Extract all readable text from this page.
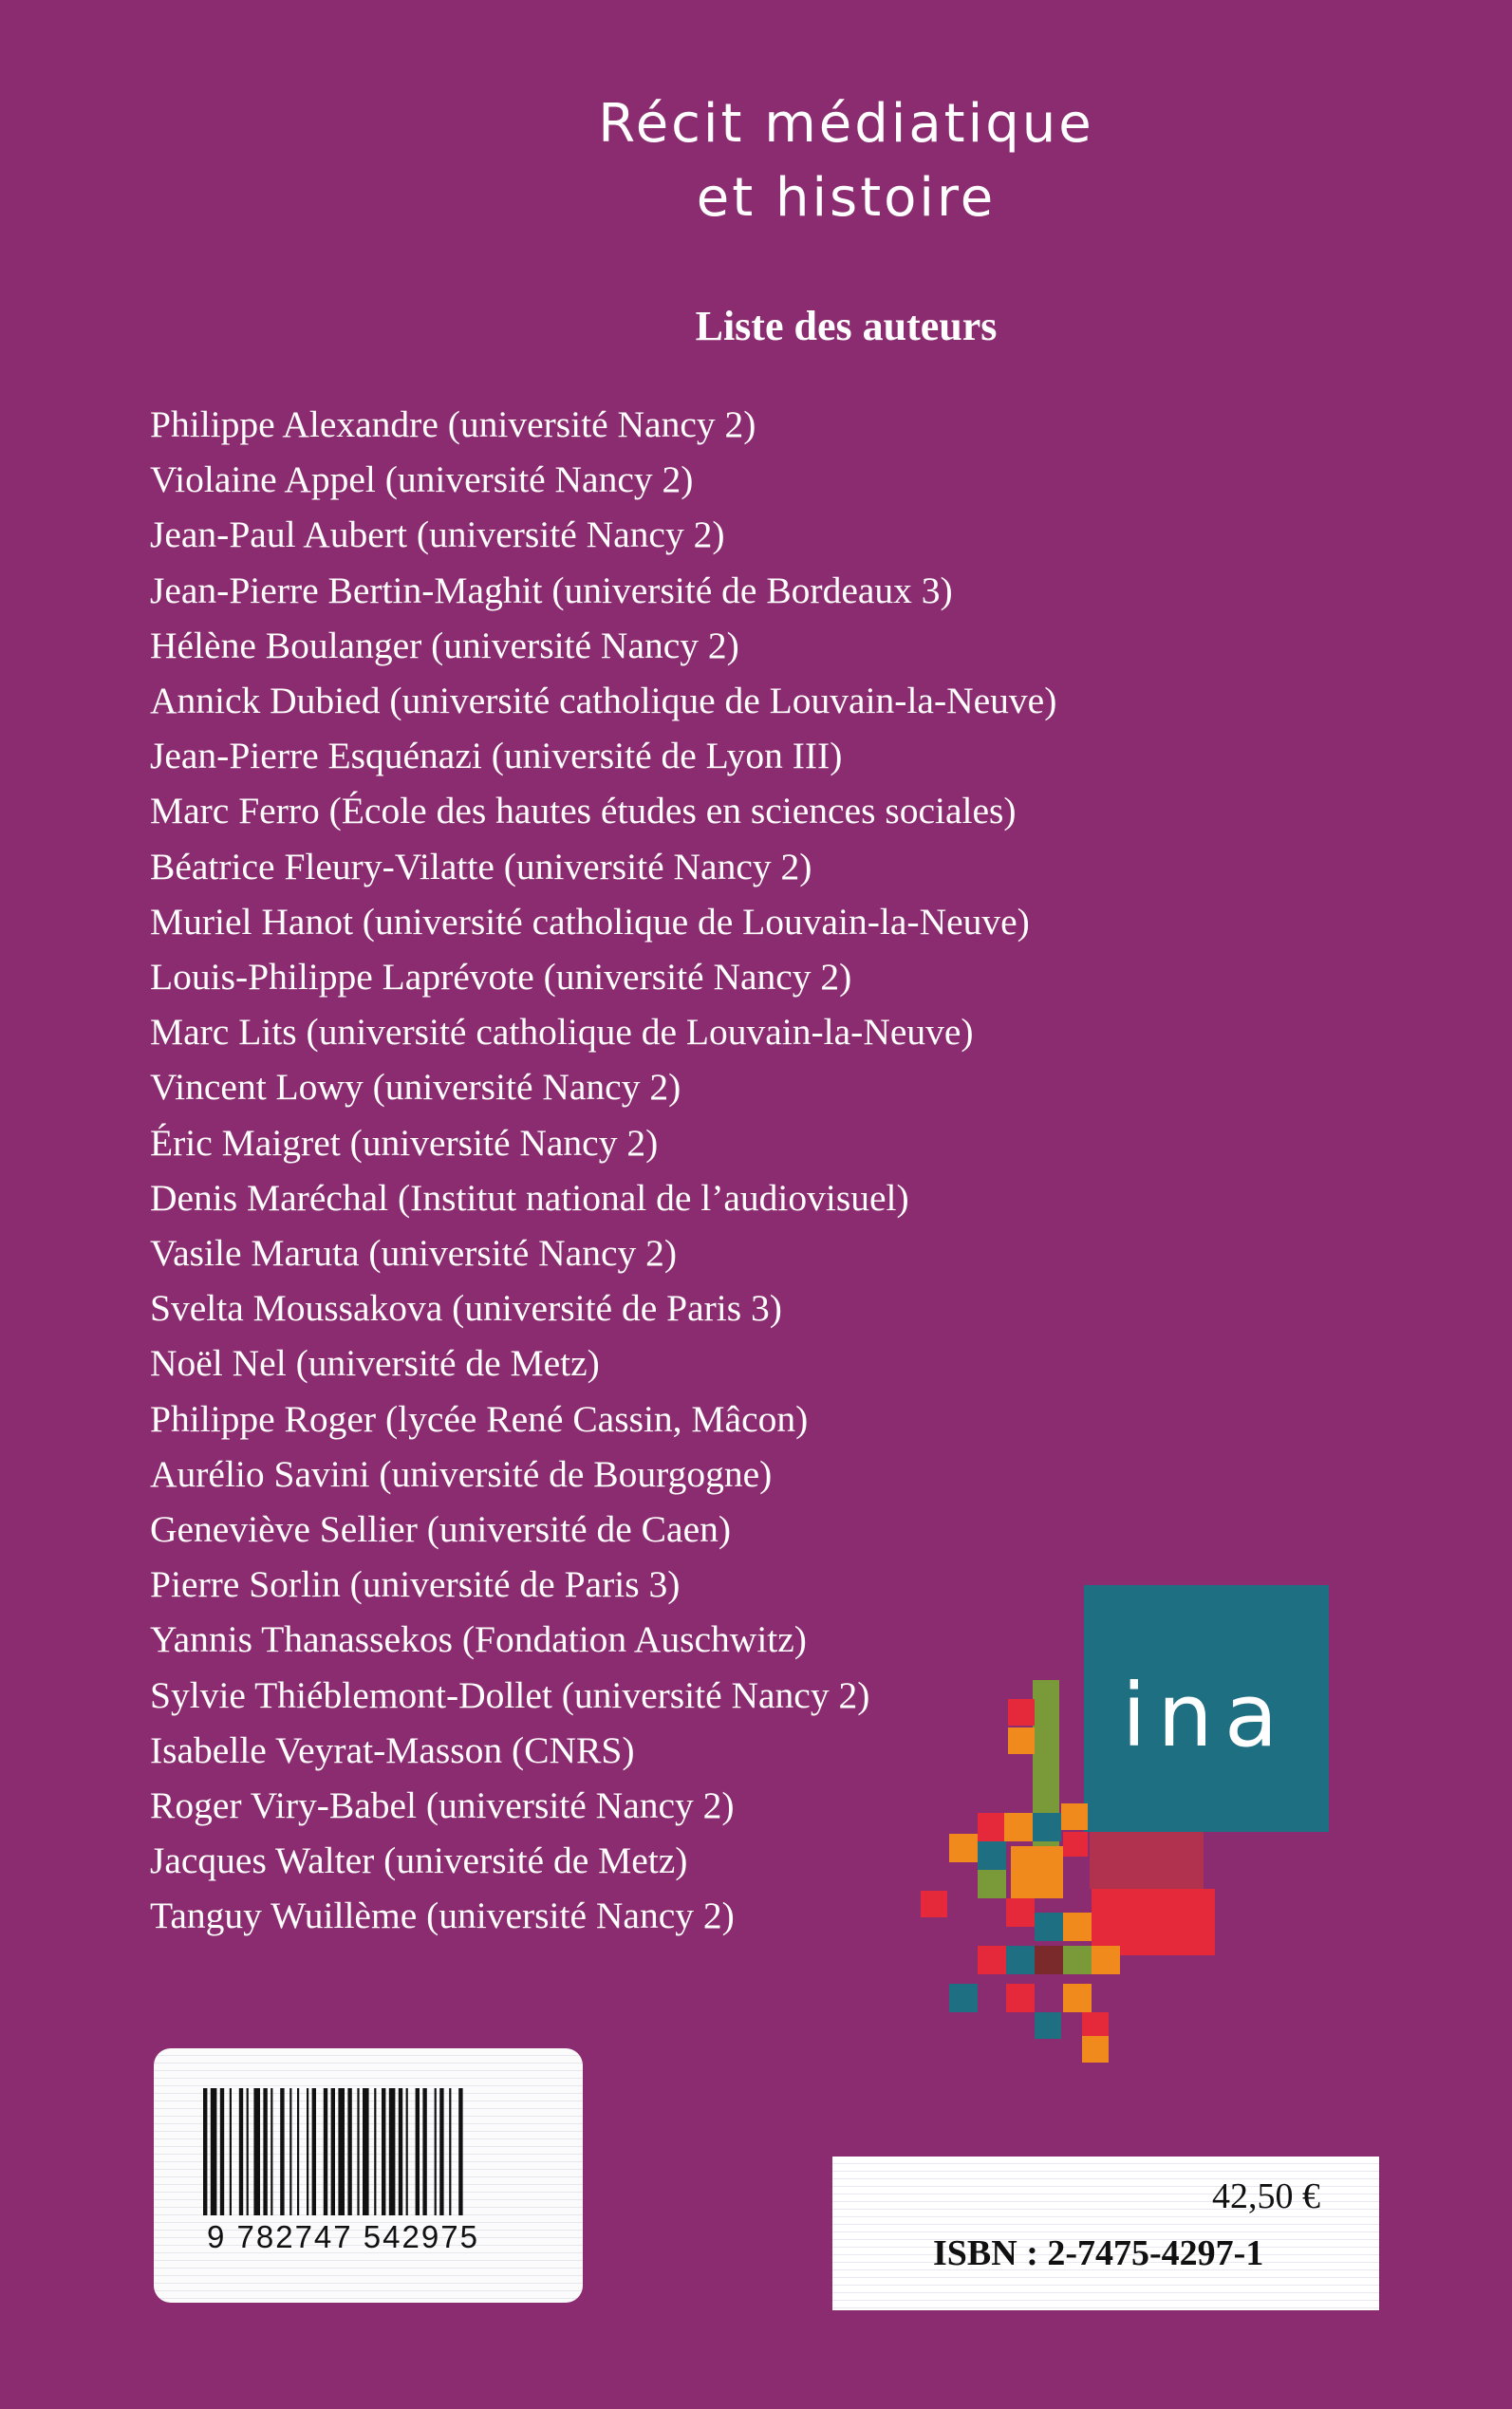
Récit médiatique
et histoire
Liste des auteurs
Philippe Alexandre (université Nancy 2)
Violaine Appel (université Nancy 2)
Jean-Paul Aubert (université Nancy 2)
Jean-Pierre Bertin-Maghit (université de Bordeaux 3)
Hélène Boulanger (université Nancy 2)
Annick Dubied (université catholique de Louvain-la-Neuve)
Jean-Pierre Esquénazi (université de Lyon III)
Marc Ferro (École des hautes études en sciences sociales)
Béatrice Fleury-Vilatte (université Nancy 2)
Muriel Hanot (université catholique de Louvain-la-Neuve)
Louis-Philippe Laprévote (université Nancy 2)
Marc Lits (université catholique de Louvain-la-Neuve)
Vincent Lowy (université Nancy 2)
Éric Maigret (université Nancy 2)
Denis Maréchal (Institut national de l’audiovisuel)
Vasile Maruta (université Nancy 2)
Svelta Moussakova (université de Paris 3)
Noël Nel (université de Metz)
Philippe Roger (lycée René Cassin, Mâcon)
Aurélio Savini (université de Bourgogne)
Geneviève Sellier (université de Caen)
Pierre Sorlin (université de Paris 3)
Yannis Thanassekos (Fondation Auschwitz)
Sylvie Thiéblemont-Dollet (université Nancy 2)
Isabelle Veyrat-Masson (CNRS)
Roger Viry-Babel (université Nancy 2)
Jacques Walter (université de Metz)
Tanguy Wuillème (université Nancy 2)
ina
9 782747 542975
42,50 €
ISBN : 2-7475-4297-1
